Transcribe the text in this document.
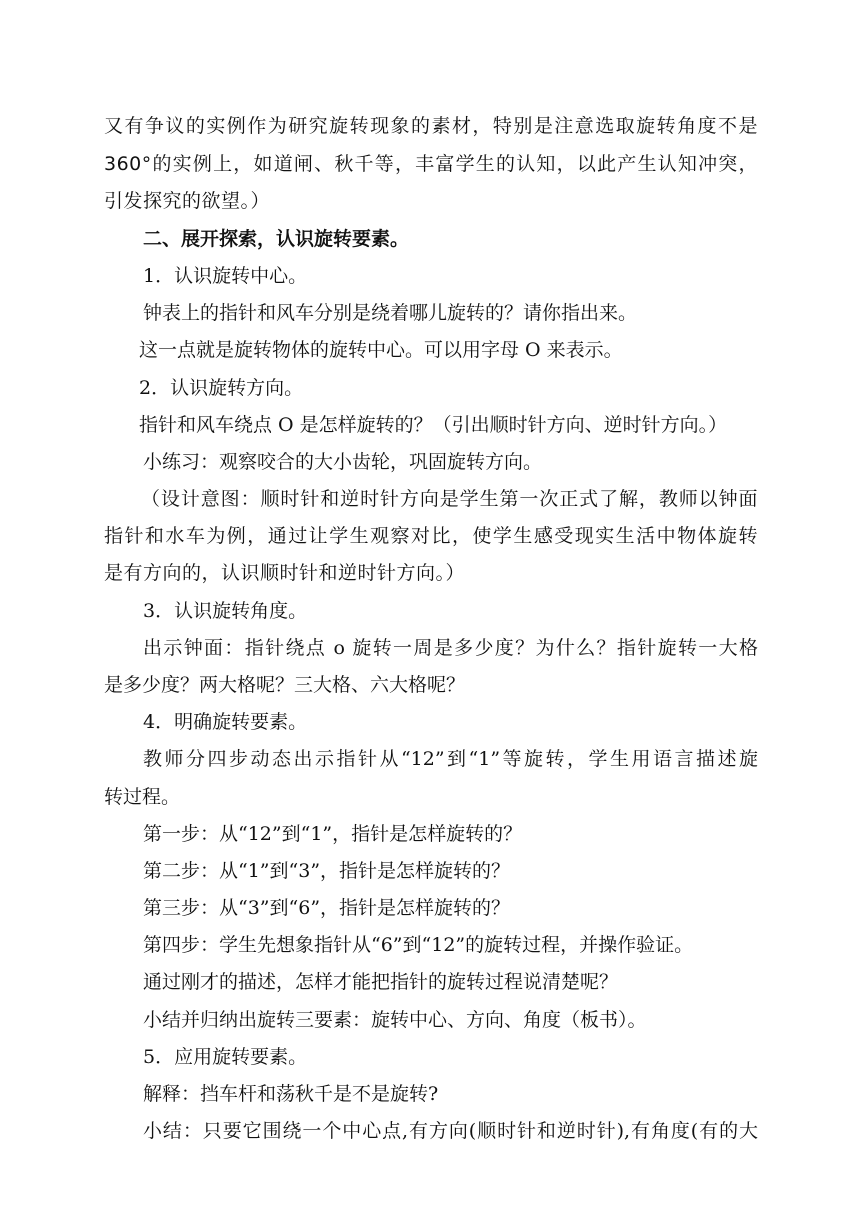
又有争议的实例作为研究旋转现象的素材，特别是注意选取旋转角度不是
360°的实例上，如道闸、秋千等，丰富学生的认知，以此产生认知冲突，
引发探究的欲望。）
二、展开探索，认识旋转要素。
1．认识旋转中心。
钟表上的指针和风车分别是绕着哪儿旋转的？请你指出来。
这一点就是旋转物体的旋转中心。可以用字母 O 来表示。
2．认识旋转方向。
指针和风车绕点 O 是怎样旋转的？（引出顺时针方向、逆时针方向。）
小练习：观察咬合的大小齿轮，巩固旋转方向。
（设计意图：顺时针和逆时针方向是学生第一次正式了解，教师以钟面
指针和水车为例，通过让学生观察对比，使学生感受现实生活中物体旋转
是有方向的，认识顺时针和逆时针方向。）
3．认识旋转角度。
出示钟面：指针绕点 o 旋转一周是多少度？为什么？指针旋转一大格
是多少度？两大格呢？三大格、六大格呢？
4．明确旋转要素。
教师分四步动态出示指针从“12”到“1”等旋转，学生用语言描述旋
转过程。
第一步：从“12”到“1”，指针是怎样旋转的？
第二步：从“1”到“3”，指针是怎样旋转的？
第三步：从“3”到“6”，指针是怎样旋转的？
第四步：学生先想象指针从“6”到“12”的旋转过程，并操作验证。
通过刚才的描述，怎样才能把指针的旋转过程说清楚呢？
小结并归纳出旋转三要素：旋转中心、方向、角度（板书）。
5．应用旋转要素。
解释：挡车杆和荡秋千是不是旋转?
小结：只要它围绕一个中心点,有方向(顺时针和逆时针),有角度(有的大
